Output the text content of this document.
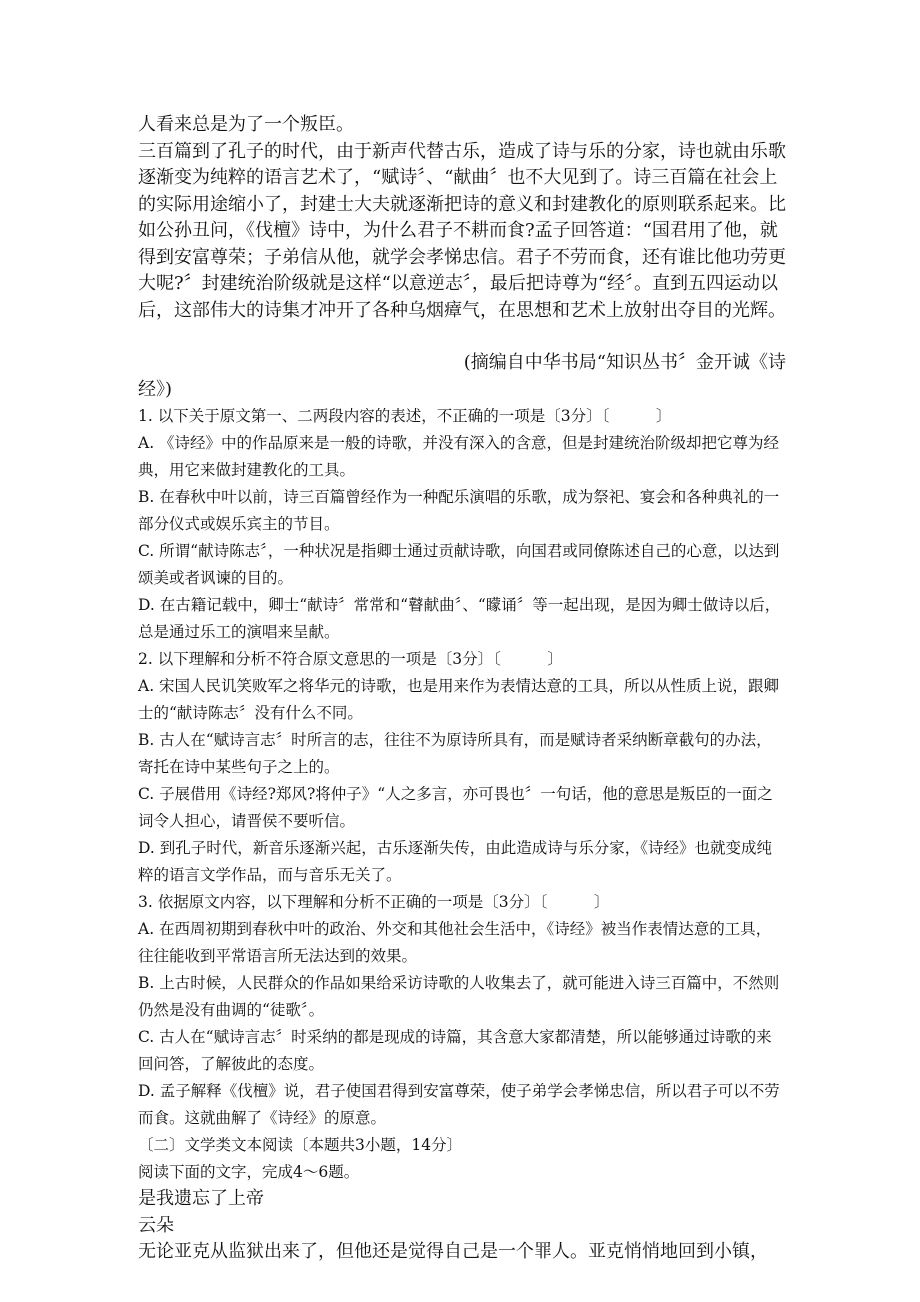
人看来总是为了一个叛臣。

三百篇到了孔子的时代，由于新声代替古乐，造成了诗与乐的分家，诗也就由乐歌逐渐变为纯粹的语言艺术了，“赋诗〞、“献曲〞也不大见到了。诗三百篇在社会上的实际用途缩小了，封建士大夫就逐渐把诗的意义和封建教化的原则联系起来。比如公孙丑问，《伐檀》诗中，为什么君子不耕而食?孟子回答道：“国君用了他，就得到安富尊荣；子弟信从他，就学会孝悌忠信。君子不劳而食，还有谁比他功劳更大呢?〞封建统治阶级就是这样“以意逆志〞，最后把诗尊为“经〞。直到五四运动以后，这部伟大的诗集才冲开了各种乌烟瘴气，在思想和艺术上放射出夺目的光辉。

(摘编自中华书局“知识丛书〞金开诚《诗

经》)

1. 以下关于原文第一、二两段内容的表述，不正确的一项是〔3分〕〔　　　〕

A. 《诗经》中的作品原来是一般的诗歌，并没有深入的含意，但是封建统治阶级却把它尊为经典，用它来做封建教化的工具。

B. 在春秋中叶以前，诗三百篇曾经作为一种配乐演唱的乐歌，成为祭祀、宴会和各种典礼的一部分仪式或娱乐宾主的节目。

C. 所谓“献诗陈志〞，一种状况是指卿士通过贡献诗歌，向国君或同僚陈述自己的心意，以达到颂美或者讽谏的目的。

D. 在古籍记载中，卿士“献诗〞常常和“瞽献曲〞、“矇诵〞等一起出现，是因为卿士做诗以后，总是通过乐工的演唱来呈献。

2. 以下理解和分析不符合原文意思的一项是〔3分〕〔　　　〕

A. 宋国人民讥笑败军之将华元的诗歌，也是用来作为表情达意的工具，所以从性质上说，跟卿士的“献诗陈志〞没有什么不同。

B. 古人在“赋诗言志〞时所言的志，往往不为原诗所具有，而是赋诗者采纳断章截句的办法，寄托在诗中某些句子之上的。

C. 子展借用《诗经?郑风?将仲子》“人之多言，亦可畏也〞一句话，他的意思是叛臣的一面之词令人担心，请晋侯不要听信。

D. 到孔子时代，新音乐逐渐兴起，古乐逐渐失传，由此造成诗与乐分家，《诗经》也就变成纯粹的语言文学作品，而与音乐无关了。

3. 依据原文内容，以下理解和分析不正确的一项是〔3分〕〔　　　〕

A. 在西周初期到春秋中叶的政治、外交和其他社会生活中，《诗经》被当作表情达意的工具，往往能收到平常语言所无法达到的效果。

B. 上古时候，人民群众的作品如果给采访诗歌的人收集去了，就可能进入诗三百篇中，不然则仍然是没有曲调的“徒歌〞。

C. 古人在“赋诗言志〞时采纳的都是现成的诗篇，其含意大家都清楚，所以能够通过诗歌的来回问答，了解彼此的态度。

D. 孟子解释《伐檀》说，君子使国君得到安富尊荣，使子弟学会孝悌忠信，所以君子可以不劳而食。这就曲解了《诗经》的原意。

〔二〕文学类文本阅读〔本题共3小题，14分〕

阅读下面的文字，完成4～6题。

是我遗忘了上帝

云朵

无论亚克从监狱出来了，但他还是觉得自己是一个罪人。亚克悄悄地回到小镇，
